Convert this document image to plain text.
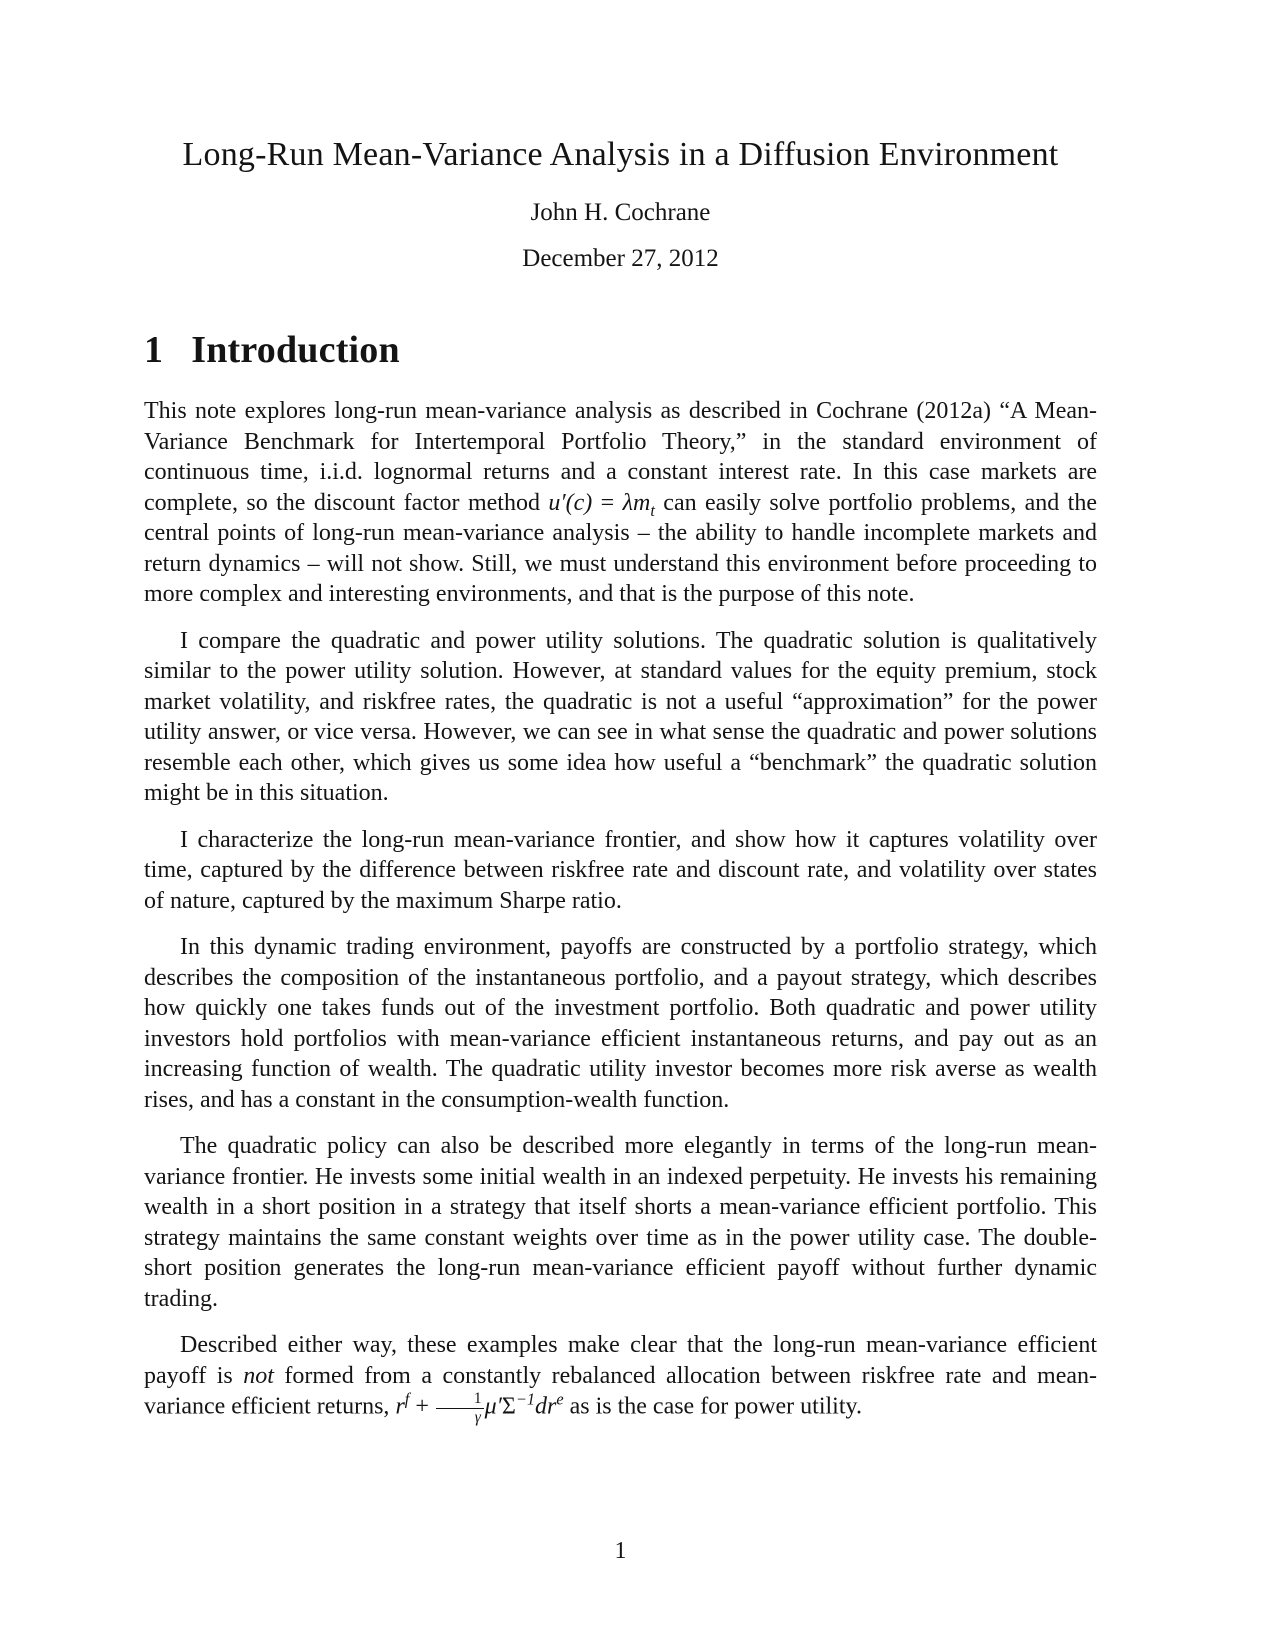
Long-Run Mean-Variance Analysis in a Diffusion Environment
John H. Cochrane
December 27, 2012
1 Introduction

This note explores long-run mean-variance analysis as described in Cochrane (2012a) “A Mean-Variance Benchmark for Intertemporal Portfolio Theory,” in the standard environment of continuous time, i.i.d. lognormal returns and a constant interest rate. In this case markets are complete, so the discount factor method $u'(c) = \lambda m_t$ can easily solve portfolio problems, and the central points of long-run mean-variance analysis – the ability to handle incomplete markets and return dynamics – will not show. Still, we must understand this environment before proceeding to more complex and interesting environments, and that is the purpose of this note.

I compare the quadratic and power utility solutions. The quadratic solution is qualitatively similar to the power utility solution. However, at standard values for the equity premium, stock market volatility, and riskfree rates, the quadratic is not a useful “approximation” for the power utility answer, or vice versa. However, we can see in what sense the quadratic and power solutions resemble each other, which gives us some idea how useful a “benchmark” the quadratic solution might be in this situation.

I characterize the long-run mean-variance frontier, and show how it captures volatility over time, captured by the difference between riskfree rate and discount rate, and volatility over states of nature, captured by the maximum Sharpe ratio.

In this dynamic trading environment, payoffs are constructed by a portfolio strategy, which describes the composition of the instantaneous portfolio, and a payout strategy, which describes how quickly one takes funds out of the investment portfolio. Both quadratic and power utility investors hold portfolios with mean-variance efficient instantaneous returns, and pay out as an increasing function of wealth. The quadratic utility investor becomes more risk averse as wealth rises, and has a constant in the consumption-wealth function.

The quadratic policy can also be described more elegantly in terms of the long-run mean-variance frontier. He invests some initial wealth in an indexed perpetuity. He invests his remaining wealth in a short position in a strategy that itself shorts a mean-variance efficient portfolio. This strategy maintains the same constant weights over time as in the power utility case. The double-short position generates the long-run mean-variance efficient payoff without further dynamic trading.

Described either way, these examples make clear that the long-run mean-variance efficient payoff is not formed from a constantly rebalanced allocation between riskfree rate and mean-variance efficient returns, $r^f + \frac{1}{\gamma} \mu'\Sigma^{-1}dr^e$ as is the case for power utility.

1
